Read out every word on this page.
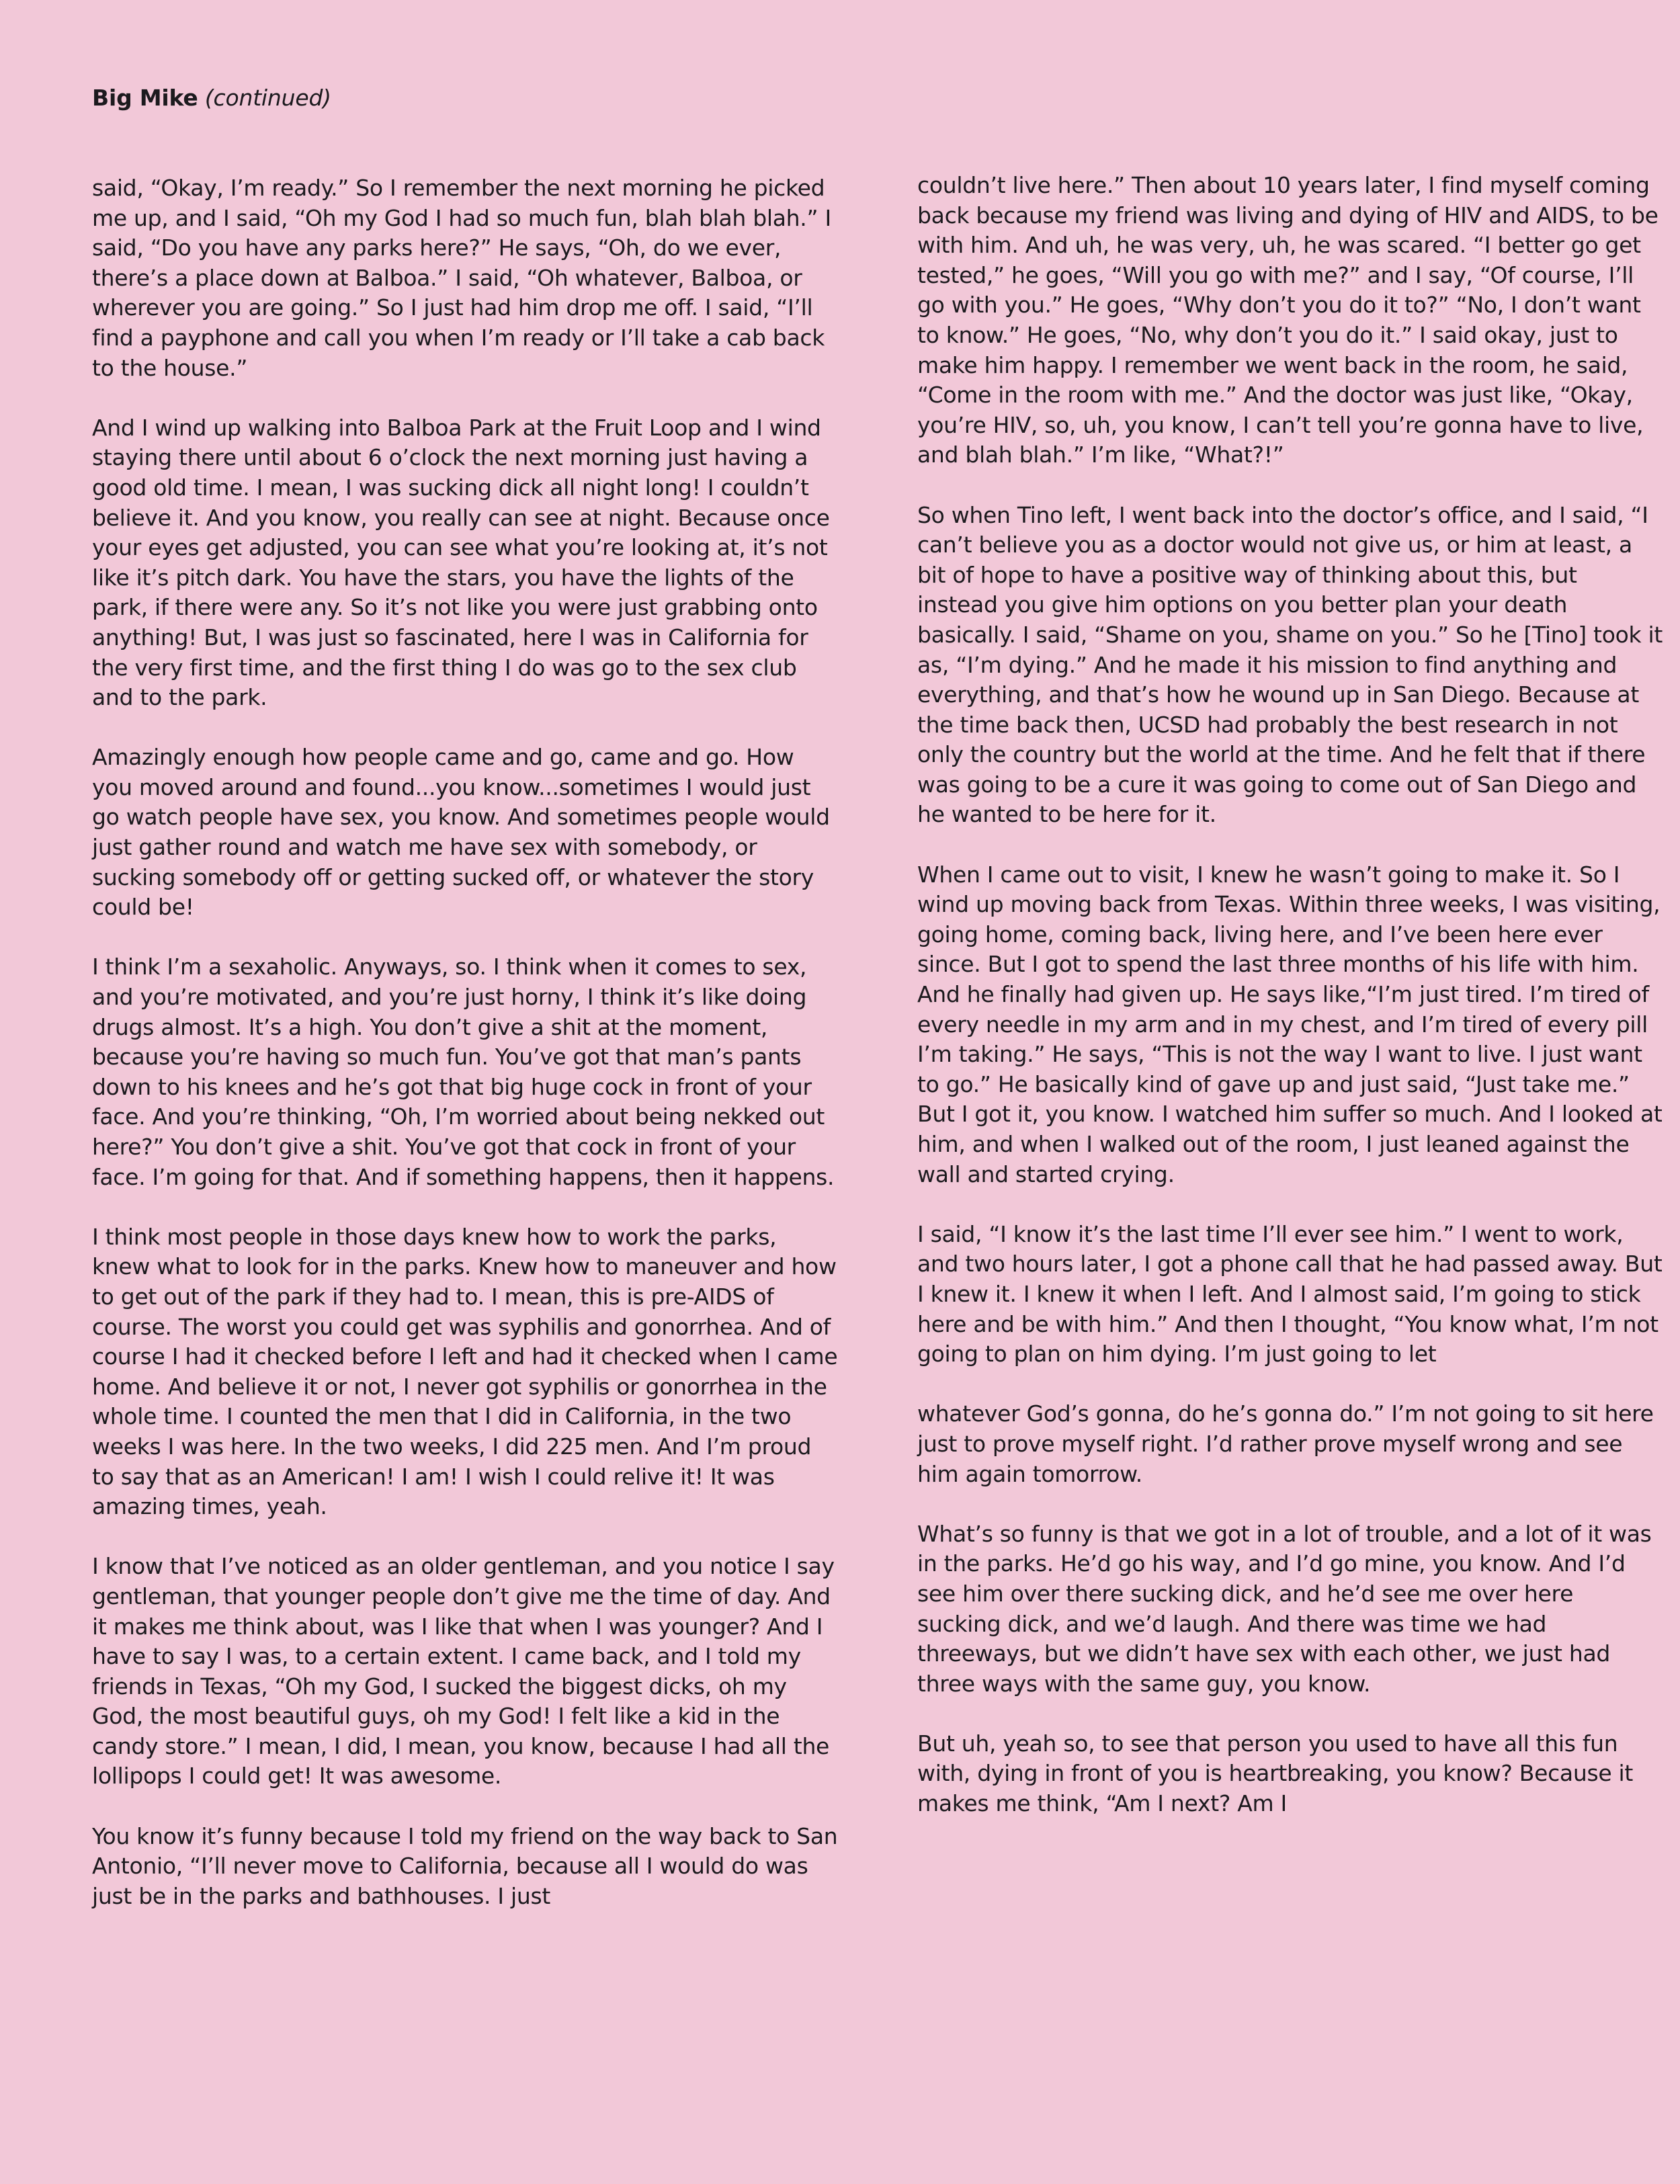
Big Mike (continued)

said, “Okay, I’m ready.” So I remember the next morning he picked me up, and I said, “Oh my God I had so much fun, blah blah blah.” I said, “Do you have any parks here?” He says, “Oh, do we ever, there’s a place down at Balboa.” I said, “Oh whatever, Balboa, or wherever you are going.” So I just had him drop me off. I said, “I’ll find a payphone and call you when I’m ready or I’ll take a cab back to the house.”

And I wind up walking into Balboa Park at the Fruit Loop and I wind staying there until about 6 o’clock the next morning just having a good old time. I mean, I was sucking dick all night long! I couldn’t believe it. And you know, you really can see at night. Because once your eyes get adjusted, you can see what you’re looking at, it’s not like it’s pitch dark. You have the stars, you have the lights of the park, if there were any. So it’s not like you were just grabbing onto anything! But, I was just so fascinated, here I was in California for the very first time, and the first thing I do was go to the sex club and to the park.

Amazingly enough how people came and go, came and go. How you moved around and found...you know...sometimes I would just go watch people have sex, you know. And sometimes people would just gather round and watch me have sex with somebody, or sucking somebody off or getting sucked off, or whatever the story could be!

I think I’m a sexaholic. Anyways, so. I think when it comes to sex, and you’re motivated, and you’re just horny, I think it’s like doing drugs almost. It’s a high. You don’t give a shit at the moment, because you’re having so much fun. You’ve got that man’s pants down to his knees and he’s got that big huge cock in front of your face. And you’re thinking, “Oh, I’m worried about being nekked out here?” You don’t give a shit. You’ve got that cock in front of your face. I’m going for that. And if something happens, then it happens.

I think most people in those days knew how to work the parks, knew what to look for in the parks. Knew how to maneuver and how to get out of the park if they had to. I mean, this is pre-AIDS of course. The worst you could get was syphilis and gonorrhea. And of course I had it checked before I left and had it checked when I came home. And believe it or not, I never got syphilis or gonorrhea in the whole time. I counted the men that I did in California, in the two weeks I was here. In the two weeks, I did 225 men. And I’m proud to say that as an American! I am! I wish I could relive it! It was amazing times, yeah.

I know that I’ve noticed as an older gentleman, and you notice I say gentleman, that younger people don’t give me the time of day. And it makes me think about, was I like that when I was younger? And I have to say I was, to a certain extent. I came back, and I told my friends in Texas, “Oh my God, I sucked the biggest dicks, oh my God, the most beautiful guys, oh my God! I felt like a kid in the candy store.” I mean, I did, I mean, you know, because I had all the lollipops I could get! It was awesome.

You know it’s funny because I told my friend on the way back to San Antonio, “I’ll never move to California, because all I would do was just be in the parks and bathhouses. I just

couldn’t live here.” Then about 10 years later, I find myself coming back because my friend was living and dying of HIV and AIDS, to be with him. And uh, he was very, uh, he was scared. “I better go get tested,” he goes, “Will you go with me?” and I say, “Of course, I’ll go with you.” He goes, “Why don’t you do it to?” “No, I don’t want to know.” He goes, “No, why don’t you do it.” I said okay, just to make him happy. I remember we went back in the room, he said, “Come in the room with me.” And the doctor was just like, “Okay, you’re HIV, so, uh, you know, I can’t tell you’re gonna have to live, and blah blah.” I’m like, “What?!”

So when Tino left, I went back into the doctor’s office, and I said, “I can’t believe you as a doctor would not give us, or him at least, a bit of hope to have a positive way of thinking about this, but instead you give him options on you better plan your death basically. I said, “Shame on you, shame on you.” So he [Tino] took it as, “I’m dying.” And he made it his mission to find anything and everything, and that’s how he wound up in San Diego. Because at the time back then, UCSD had probably the best research in not only the country but the world at the time. And he felt that if there was going to be a cure it was going to come out of San Diego and he wanted to be here for it.

When I came out to visit, I knew he wasn’t going to make it. So I wind up moving back from Texas. Within three weeks, I was visiting, going home, coming back, living here, and I’ve been here ever since. But I got to spend the last three months of his life with him. And he finally had given up. He says like,“I’m just tired. I’m tired of every needle in my arm and in my chest, and I’m tired of every pill I’m taking.” He says, “This is not the way I want to live. I just want to go.” He basically kind of gave up and just said, “Just take me.” But I got it, you know. I watched him suffer so much. And I looked at him, and when I walked out of the room, I just leaned against the wall and started crying.

I said, “I know it’s the last time I’ll ever see him.” I went to work, and two hours later, I got a phone call that he had passed away. But I knew it. I knew it when I left. And I almost said, I’m going to stick here and be with him.” And then I thought, “You know what, I’m not going to plan on him dying. I’m just going to let

whatever God’s gonna, do he’s gonna do.” I’m not going to sit here just to prove myself right. I’d rather prove myself wrong and see him again tomorrow.

What’s so funny is that we got in a lot of trouble, and a lot of it was in the parks. He’d go his way, and I’d go mine, you know. And I’d see him over there sucking dick, and he’d see me over here sucking dick, and we’d laugh. And there was time we had threeways, but we didn’t have sex with each other, we just had three ways with the same guy, you know.

But uh, yeah so, to see that person you used to have all this fun with, dying in front of you is heartbreaking, you know? Because it makes me think, “Am I next? Am I
